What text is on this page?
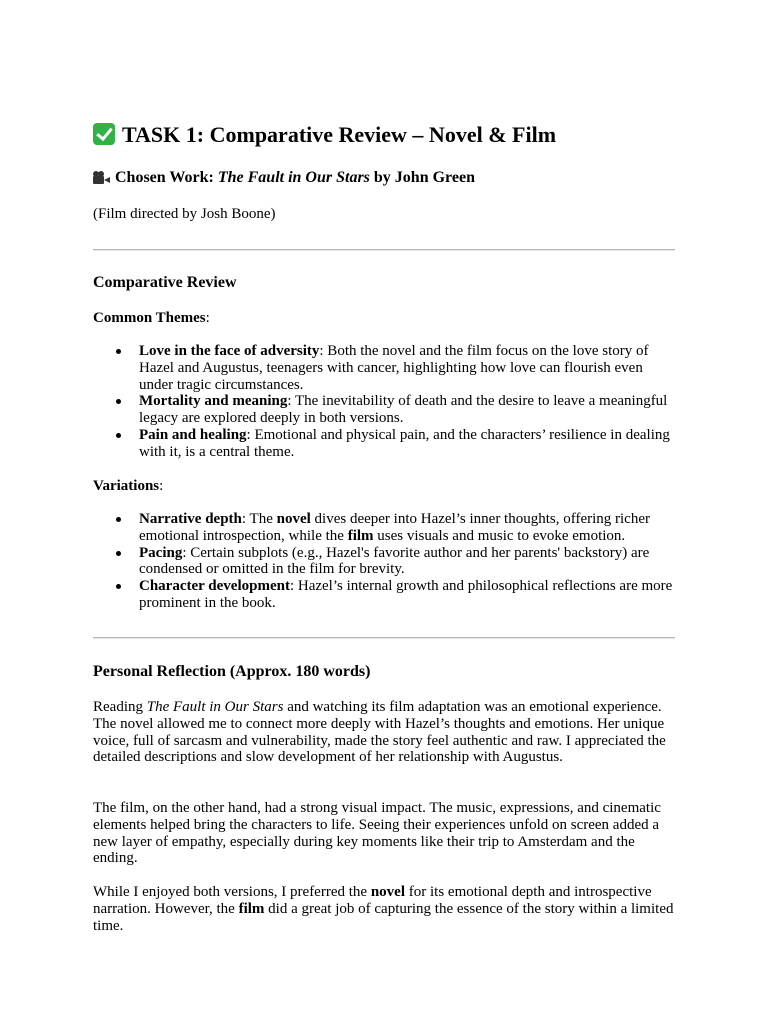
TASK 1: Comparative Review – Novel & Film
Chosen Work:
The Fault in Our Stars
by John Green
(Film directed by Josh Boone)
Comparative Review
Common Themes:
Love in the face of adversity: Both the novel and the film focus on the love story of Hazel and Augustus, teenagers with cancer, highlighting how love can flourish even under tragic circumstances.
Mortality and meaning: The inevitability of death and the desire to leave a meaningful legacy are explored deeply in both versions.
Pain and healing: Emotional and physical pain, and the characters’ resilience in dealing with it, is a central theme.
Variations:
Narrative depth: The novel dives deeper into Hazel’s inner thoughts, offering richer emotional introspection, while the film uses visuals and music to evoke emotion.
Pacing: Certain subplots (e.g., Hazel's favorite author and her parents' backstory) are condensed or omitted in the film for brevity.
Character development: Hazel’s internal growth and philosophical reflections are more prominent in the book.
Personal Reflection (Approx. 180 words)

Reading The Fault in Our Stars and watching its film adaptation was an emotional experience. The novel allowed me to connect more deeply with Hazel’s thoughts and emotions. Her unique voice, full of sarcasm and vulnerability, made the story feel authentic and raw. I appreciated the detailed descriptions and slow development of her relationship with Augustus.

The film, on the other hand, had a strong visual impact. The music, expressions, and cinematic elements helped bring the characters to life. Seeing their experiences unfold on screen added a new layer of empathy, especially during key moments like their trip to Amsterdam and the ending.

While I enjoyed both versions, I preferred the novel for its emotional depth and introspective narration. However, the film did a great job of capturing the essence of the story within a limited time.
